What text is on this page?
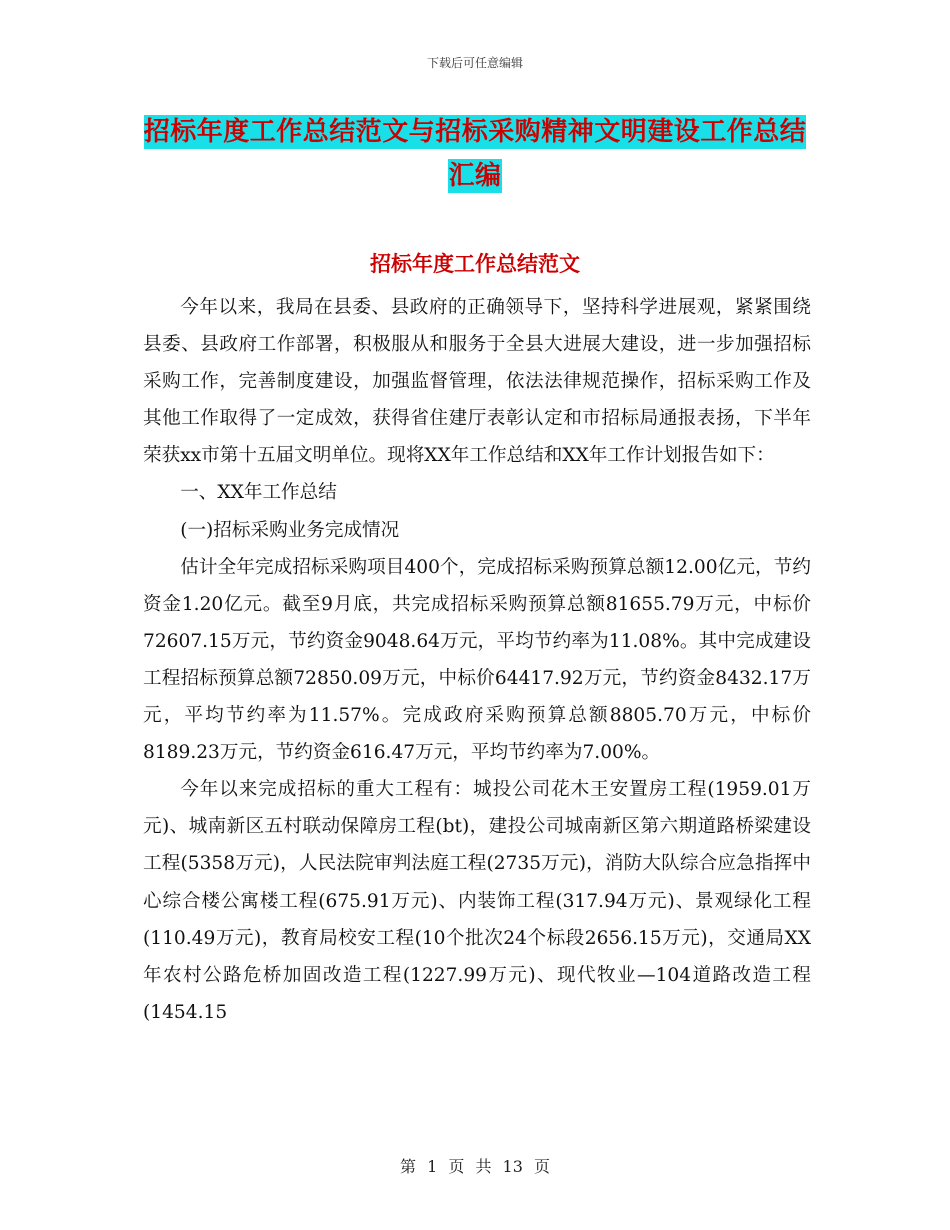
下载后可任意编辑
招标年度工作总结范文与招标采购精神文明建设工作总结汇编
招标年度工作总结范文

今年以来，我局在县委、县政府的正确领导下，坚持科学进展观，紧紧围绕县委、县政府工作部署，积极服从和服务于全县大进展大建设，进一步加强招标采购工作，完善制度建设，加强监督管理，依法法律规范操作，招标采购工作及其他工作取得了一定成效，获得省住建厅表彰认定和市招标局通报表扬，下半年荣获xx市第十五届文明单位。现将XX年工作总结和XX年工作计划报告如下：

一、XX年工作总结

(一)招标采购业务完成情况

估计全年完成招标采购项目400个，完成招标采购预算总额12.00亿元，节约资金1.20亿元。截至9月底，共完成招标采购预算总额81655.79万元，中标价72607.15万元，节约资金9048.64万元，平均节约率为11.08%。其中完成建设工程招标预算总额72850.09万元，中标价64417.92万元，节约资金8432.17万元，平均节约率为11.57%。完成政府采购预算总额8805.70万元，中标价8189.23万元，节约资金616.47万元，平均节约率为7.00%。

今年以来完成招标的重大工程有：城投公司花木王安置房工程(1959.01万元)、城南新区五村联动保障房工程(bt)，建投公司城南新区第六期道路桥梁建设工程(5358万元)，人民法院审判法庭工程(2735万元)，消防大队综合应急指挥中心综合楼公寓楼工程(675.91万元)、内装饰工程(317.94万元)、景观绿化工程(110.49万元)，教育局校安工程(10个批次24个标段2656.15万元)，交通局XX年农村公路危桥加固改造工程(1227.99万元)、现代牧业—104道路改造工程(1454.15

第 1 页 共 13 页
